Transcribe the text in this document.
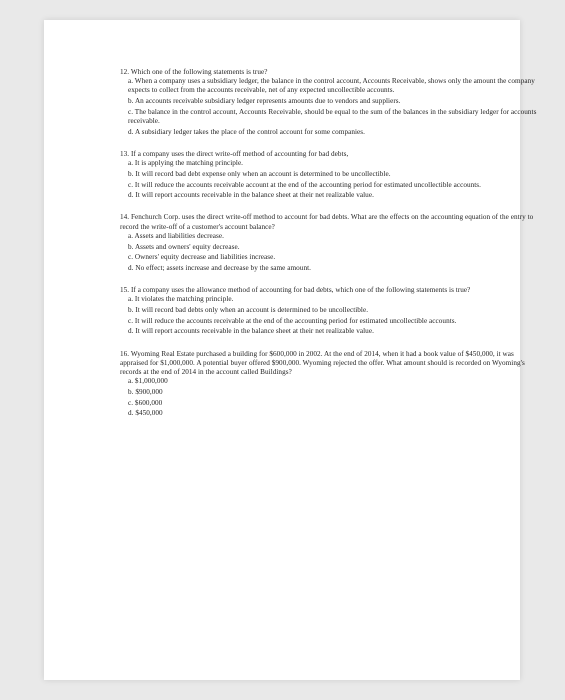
12. Which one of the following statements is true?

a. When a company uses a subsidiary ledger, the balance in the control account, Accounts Receivable, shows only the amount the company expects to collect from the accounts receivable, net of any expected uncollectible accounts.
b. An accounts receivable subsidiary ledger represents amounts due to vendors and suppliers.
c. The balance in the control account, Accounts Receivable, should be equal to the sum of the balances in the subsidiary ledger for accounts receivable.
d. A subsidiary ledger takes the place of the control account for some companies.

13. If a company uses the direct write-off method of accounting for bad debts,

a. It is applying the matching principle.
b. It will record bad debt expense only when an account is determined to be uncollectible.
c. It will reduce the accounts receivable account at the end of the accounting period for estimated uncollectible accounts.
d. It will report accounts receivable in the balance sheet at their net realizable value.

14. Fenchurch Corp. uses the direct write-off method to account for bad debts. What are the effects on the accounting equation of the entry to record the write-off of a customer's account balance?

a. Assets and liabilities decrease.
b. Assets and owners' equity decrease.
c. Owners' equity decrease and liabilities increase.
d. No effect; assets increase and decrease by the same amount.

15. If a company uses the allowance method of accounting for bad debts, which one of the following statements is true?

a. It violates the matching principle.
b. It will record bad debts only when an account is determined to be uncollectible.
c. It will reduce the accounts receivable at the end of the accounting period for estimated uncollectible accounts.
d. It will report accounts receivable in the balance sheet at their net realizable value.

16. Wyoming Real Estate purchased a building for $600,000 in 2002. At the end of 2014, when it had a book value of $450,000, it was appraised for $1,000,000. A potential buyer offered $900,000. Wyoming rejected the offer. What amount should is recorded on Wyoming's records at the end of 2014 in the account called Buildings?

a. $1,000,000
b. $900,000
c. $600,000
d. $450,000
